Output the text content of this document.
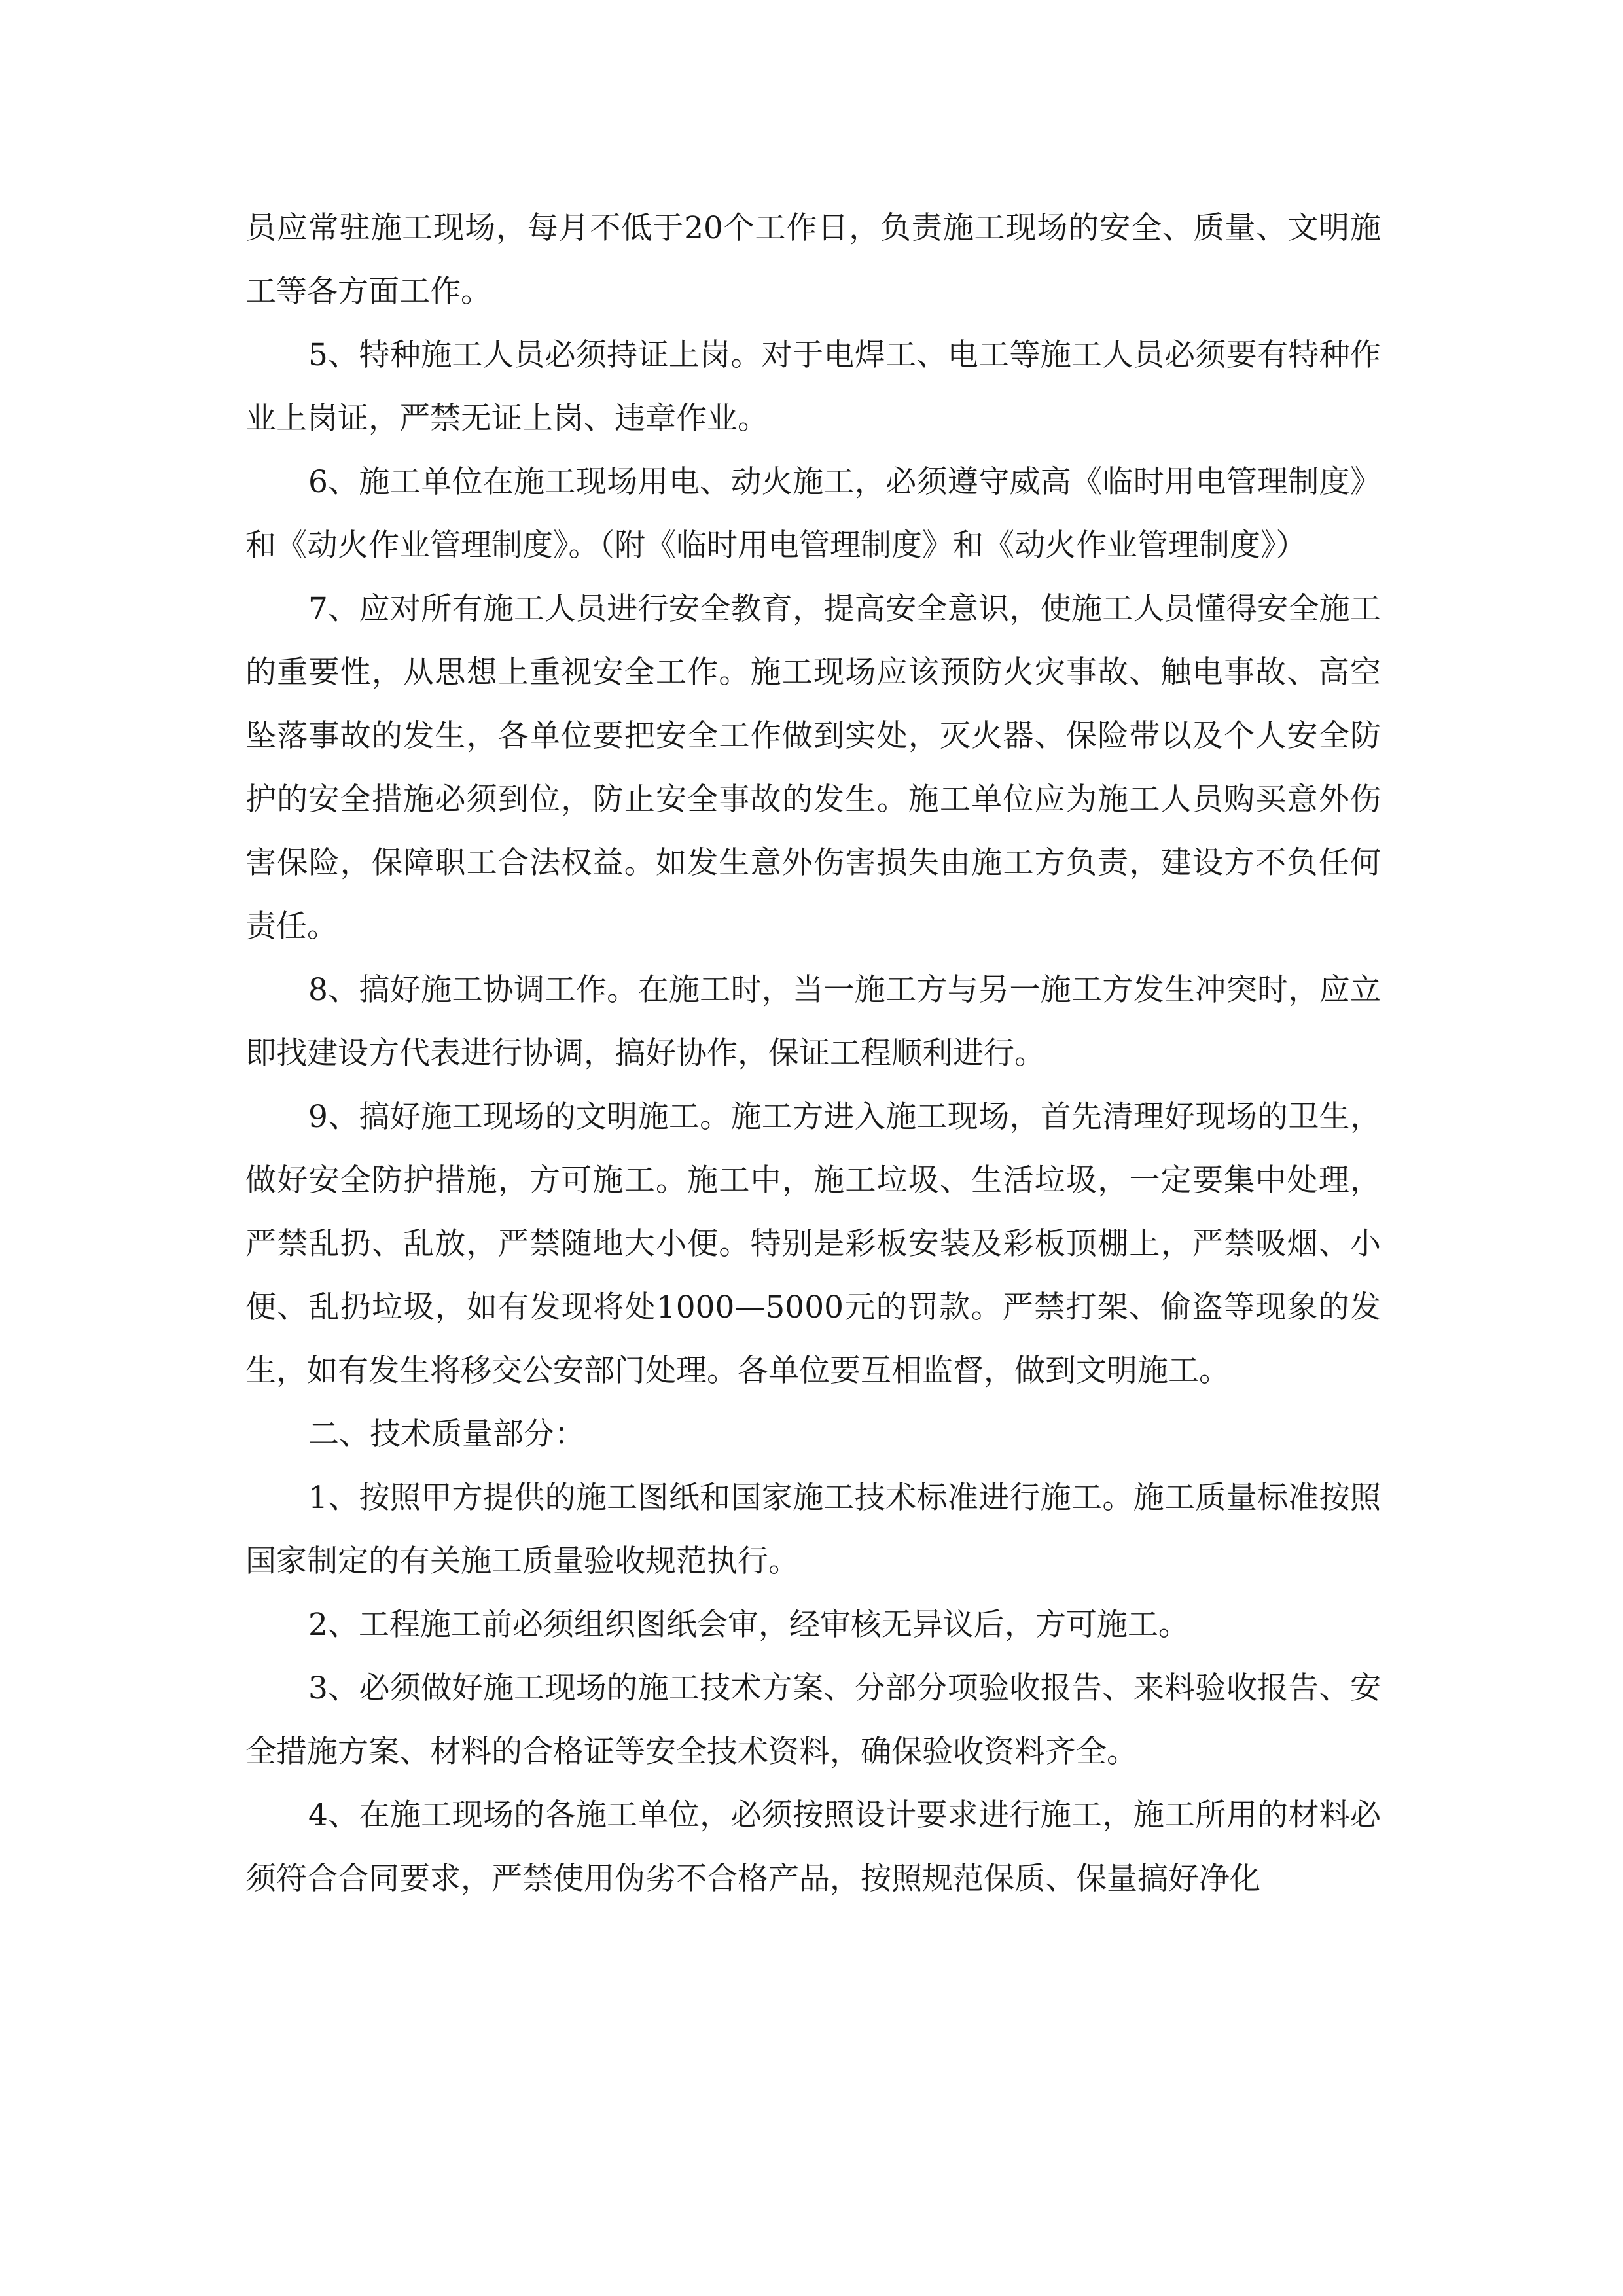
员应常驻施工现场，每月不低于20个工作日，负责施工现场的安全、质量、文明施工等各方面工作。

5、特种施工人员必须持证上岗。对于电焊工、电工等施工人员必须要有特种作业上岗证，严禁无证上岗、违章作业。

6、施工单位在施工现场用电、动火施工，必须遵守威高《临时用电管理制度》和《动火作业管理制度》。（附《临时用电管理制度》和《动火作业管理制度》）

7、应对所有施工人员进行安全教育，提高安全意识，使施工人员懂得安全施工的重要性，从思想上重视安全工作。施工现场应该预防火灾事故、触电事故、高空坠落事故的发生，各单位要把安全工作做到实处，灭火器、保险带以及个人安全防护的安全措施必须到位，防止安全事故的发生。施工单位应为施工人员购买意外伤害保险，保障职工合法权益。如发生意外伤害损失由施工方负责，建设方不负任何责任。

8、搞好施工协调工作。在施工时，当一施工方与另一施工方发生冲突时，应立即找建设方代表进行协调，搞好协作，保证工程顺利进行。

9、搞好施工现场的文明施工。施工方进入施工现场，首先清理好现场的卫生，做好安全防护措施，方可施工。施工中，施工垃圾、生活垃圾，一定要集中处理，严禁乱扔、乱放，严禁随地大小便。特别是彩板安装及彩板顶棚上，严禁吸烟、小便、乱扔垃圾，如有发现将处1000—5000元的罚款。严禁打架、偷盗等现象的发生，如有发生将移交公安部门处理。各单位要互相监督，做到文明施工。

二、技术质量部分：

1、按照甲方提供的施工图纸和国家施工技术标准进行施工。施工质量标准按照国家制定的有关施工质量验收规范执行。

2、工程施工前必须组织图纸会审，经审核无异议后，方可施工。

3、必须做好施工现场的施工技术方案、分部分项验收报告、来料验收报告、安全措施方案、材料的合格证等安全技术资料，确保验收资料齐全。

4、在施工现场的各施工单位，必须按照设计要求进行施工，施工所用的材料必须符合合同要求，严禁使用伪劣不合格产品，按照规范保质、保量搞好净化
